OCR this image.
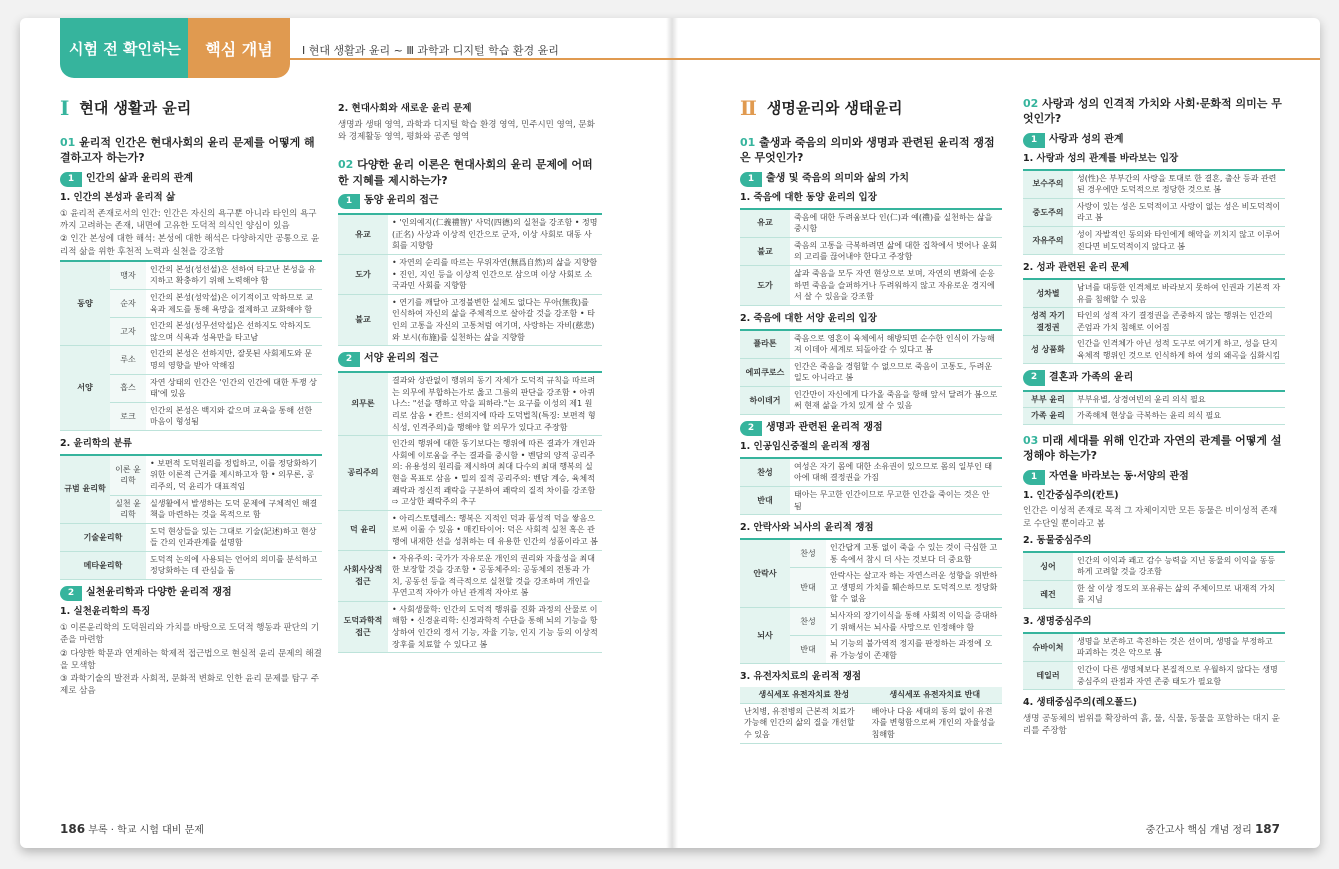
시험 전 확인하는	핵심 개념	Ⅰ 현대 생활과 윤리 ~ Ⅲ 과학과 디지털 학습 환경 윤리
Ⅰ 현대 생활과 윤리
01 윤리적 인간은 현대사회의 윤리 문제를 어떻게 해결하고자 하는가?
1	인간의 삶과 윤리의 관계
1. 인간의 본성과 윤리적 삶
① 윤리적 존재로서의 인간: 인간은 자신의 욕구뿐 아니라 타인의 욕구까지 고려하는 존재, 내면에 고유한 도덕적 의식인 양심이 있음
② 인간 본성에 대한 해석: 본성에 대한 해석은 다양하지만 공통으로 윤리적 삶을 위한 후천적 노력과 실천을 강조함
동양	맹자	인간의 본성(성선설)은 선하여 타고난 본성을 유지하고 확충하기 위해 노력해야 함
	순자	인간의 본성(성악설)은 이기적이고 악하므로 교육과 제도를 통해 욕망을 절제하고 교화해야 함
	고자	인간의 본성(성무선악설)은 선하지도 악하지도 않으며 식욕과 성욕만을 타고남
서양	루소	인간의 본성은 선하지만, 잘못된 사회제도와 문명의 영향을 받아 악해짐
	홉스	자연 상태의 인간은 '인간의 인간에 대한 투쟁 상태'에 있음
	로크	인간의 본성은 백지와 같으며 교육을 통해 선한 마음이 형성됨
2. 윤리학의 분류
규범 윤리학	이론 윤리학	• 보편적 도덕원리를 정립하고, 이를 정당화하기 위한 이론적 근거를 제시하고자 함 • 의무론, 공리주의, 덕 윤리가 대표적임
	실천 윤리학	실생활에서 발생하는 도덕 문제에 구체적인 해결책을 마련하는 것을 목적으로 함
기술윤리학		도덕 현상들을 있는 그대로 기술(記述)하고 현상들 간의 인과관계를 설명함
메타윤리학		도덕적 논의에 사용되는 언어의 의미를 분석하고 정당화하는 데 관심을 둠
2	실천윤리학과 다양한 윤리적 쟁점
1. 실천윤리학의 특징
① 이론윤리학의 도덕원리와 가치를 바탕으로 도덕적 행동과 판단의 기준을 마련함
② 다양한 학문과 연계하는 학제적 접근법으로 현실적 윤리 문제의 해결을 모색함
③ 과학기술의 발전과 사회적, 문화적 변화로 인한 윤리 문제를 탐구 주제로 삼음
2. 현대사회와 새로운 윤리 문제
생명과 생태 영역, 과학과 디지털 학습 환경 영역, 민주시민 영역, 문화와 경제활동 영역, 평화와 공존 영역
02 다양한 윤리 이론은 현대사회의 윤리 문제에 어떠한 지혜를 제시하는가?
1	동양 윤리의 접근
유교	• '인의예지(仁義禮智)' 사덕(四德)의 실천을 강조함 • 정명(正名) 사상과 이상적 인간으로 군자, 이상 사회로 대동 사회를 지향함
도가	• 자연의 순리를 따르는 무위자연(無爲自然)의 삶을 지향함 • 진인, 지인 등을 이상적 인간으로 삼으며 이상 사회로 소국과민 사회를 지향함
불교	• 연기를 깨달아 고정불변한 실체도 없다는 무아(無我)를 인식하여 자신의 삶을 주체적으로 살아갈 것을 강조함 • 타인의 고통을 자신의 고통처럼 여기며, 사랑하는 자비(慈悲)와 보시(布施)를 실천하는 삶을 지향함
2	서양 윤리의 접근
의무론	결과와 상관없이 행위의 동기 자체가 도덕적 규칙을 따르려는 의무에 부합하는가로 옳고 그름의 판단을 강조함 • 아퀴나스: "선을 행하고 악을 피하라."는 요구를 이성의 제1 원리로 삼음 • 칸트: 선의지에 따라 도덕법칙(특징: 보편적 형식성, 인격주의)을 행해야 할 의무가 있다고 주장함
공리주의	인간의 행위에 대한 동기보다는 행위에 따른 결과가 개인과 사회에 이로움을 주는 결과를 중시함 • 벤담의 양적 공리주의: 유용성의 원리를 제시하며 최대 다수의 최대 행복의 실현을 목표로 삼음 • 밀의 질적 공리주의: 벤담 계승, 육체적 쾌락과 정신적 쾌락을 구분하여 쾌락의 질적 차이를 강조함 ⇨ 고상한 쾌락주의 추구
덕 윤리	• 아리스토텔레스: 행복은 지적인 덕과 품성적 덕을 쌓음으로써 이룰 수 있음 • 매킨타이어: 덕은 사회적 실천 혹은 관행에 내재한 선을 성취하는 데 유용한 인간의 성품이라고 봄
사회사상적 접근	• 자유주의: 국가가 자유로운 개인의 권리와 자율성을 최대한 보장할 것을 강조함 • 공동체주의: 공동체의 전통과 가치, 공동선 등을 적극적으로 실천할 것을 강조하며 개인을 무연고적 자아가 아닌 관계적 자아로 봄
도덕과학적 접근	• 사회생물학: 인간의 도덕적 행위를 진화 과정의 산물로 이해함 • 신경윤리학: 신경과학적 수단을 통해 뇌의 기능을 항상하여 인간의 정서 기능, 자율 기능, 인지 기능 등의 이상적 장후를 치료할 수 있다고 봄
Ⅱ 생명윤리와 생태윤리
01 출생과 죽음의 의미와 생명과 관련된 윤리적 쟁점은 무엇인가?
1	출생 및 죽음의 의미와 삶의 가치
1. 죽음에 대한 동양 윤리의 입장
유교	죽음에 대한 두려움보다 인(仁)과 예(禮)를 실천하는 삶을 중시함
불교	죽음의 고통을 극복하려면 삶에 대한 집착에서 벗어나 윤회의 고리를 끊어내야 한다고 주장함
도가	삶과 죽음을 모두 자연 현상으로 보며, 자연의 변화에 순응하면 죽음을 슬퍼하거나 두려워하지 않고 자유로운 경지에서 살 수 있음을 강조함
2. 죽음에 대한 서양 윤리의 입장
플라톤	죽음으로 영혼이 육체에서 해방되면 순수한 인식이 가능해져 이데아 세계로 되돌아갈 수 있다고 봄
에피쿠로스	인간은 죽음을 경험할 수 없으므로 죽음이 고통도, 두려운 일도 아니라고 봄
하이데거	인간만이 자신에게 다가올 죽음을 항해 앞서 달려가 봄으로써 현재 삶을 가치 있게 살 수 있음
2	생명과 관련된 윤리적 쟁점
1. 인공임신중절의 윤리적 쟁점
찬성	여성은 자기 몸에 대한 소유권이 있으므로 몸의 일부인 태아에 대해 결정권을 가짐
반대	태아는 무고한 인간이므로 무고한 인간을 죽이는 것은 안 됨
2. 안락사와 뇌사의 윤리적 쟁점
안락사	찬성	인간답게 고통 없이 죽을 수 있는 것이 극심한 고통 속에서 참시 더 사는 것보다 더 중요함
	반대	안락사는 살고자 하는 자연스러운 성향을 위반하고 생명의 가치를 훼손하므로 도덕적으로 정당화할 수 없음
뇌사	찬성	뇌사자의 장기이식을 통해 사회적 이익을 증대하기 위해서는 뇌사를 사망으로 인정해야 함
	반대	뇌 기능의 불가역적 정지를 판정하는 과정에 오류 가능성이 존재함
3. 유전자치료의 윤리적 쟁점
생식세포 유전자치료 찬성	생식세포 유전자치료 반대
난치병, 유전병의 근본적 치료가 가능해 인간의 삶의 질을 개선할 수 있음	배아나 다음 세대의 동의 없이 유전자를 변형함으로써 개인의 자율성을 침해함
02 사랑과 성의 인격적 가치와 사회·문화적 의미는 무엇인가?
1	사랑과 성의 관계
1. 사랑과 성의 관계를 바라보는 입장
보수주의	성(性)은 부부간의 사랑을 토대로 한 결혼, 출산 등과 관련된 경우에만 도덕적으로 정당한 것으로 봄
중도주의	사랑이 있는 성은 도덕적이고 사랑이 없는 성은 비도덕적이라고 봄
자유주의	성이 자발적인 동의와 타인에게 해악을 끼치지 않고 이루어진다면 비도덕적이지 않다고 봄
2. 성과 관련된 윤리 문제
성차별	남녀를 대등한 인격체로 바라보지 못하여 인권과 기본적 자유를 침해할 수 있음
성적 자기 결정권	타인의 성적 자기 결정권을 존중하지 않는 행위는 인간의 존엄과 가치 침해로 이어짐
성 상품화	인간을 인격체가 아닌 성적 도구로 여기게 하고, 성을 단지 육체적 행위인 것으로 인식하게 하여 성의 왜곡을 심화시킴
2	결혼과 가족의 윤리
부부 윤리	부부유별, 상경여빈의 윤리 의식 필요
가족 윤리	가족해체 현상을 극복하는 윤리 의식 필요
03 미래 세대를 위해 인간과 자연의 관계를 어떻게 설정해야 하는가?
1	자연을 바라보는 동·서양의 관점
1. 인간중심주의(칸트)
인간은 이성적 존재로 목적 그 자체이지만 모든 동물은 비이성적 존재로 수단일 뿐이라고 봄
2. 동물중심주의
싱어	인간의 이익과 쾌고 감수 능력을 지닌 동물의 이익을 동등하게 고려할 것을 강조함
레건	한 살 이상 정도의 포유류는 삶의 주체이므로 내재적 가치를 지님
3. 생명중심주의
슈바이처	생명을 보존하고 촉진하는 것은 선이며, 생명을 부정하고 파괴하는 것은 악으로 봄
테일러	인간이 다른 생명체보다 본질적으로 우월하지 않다는 생명중심주의 관점과 자연 존중 태도가 필요함
4. 생태중심주의(레오폴드)
생명 공동체의 범위를 확장하여 흙, 물, 식물, 동물을 포함하는 대지 윤리를 주장함
186 부록 · 학교 시험 대비 문제	중간고사 핵심 개념 정리 187
